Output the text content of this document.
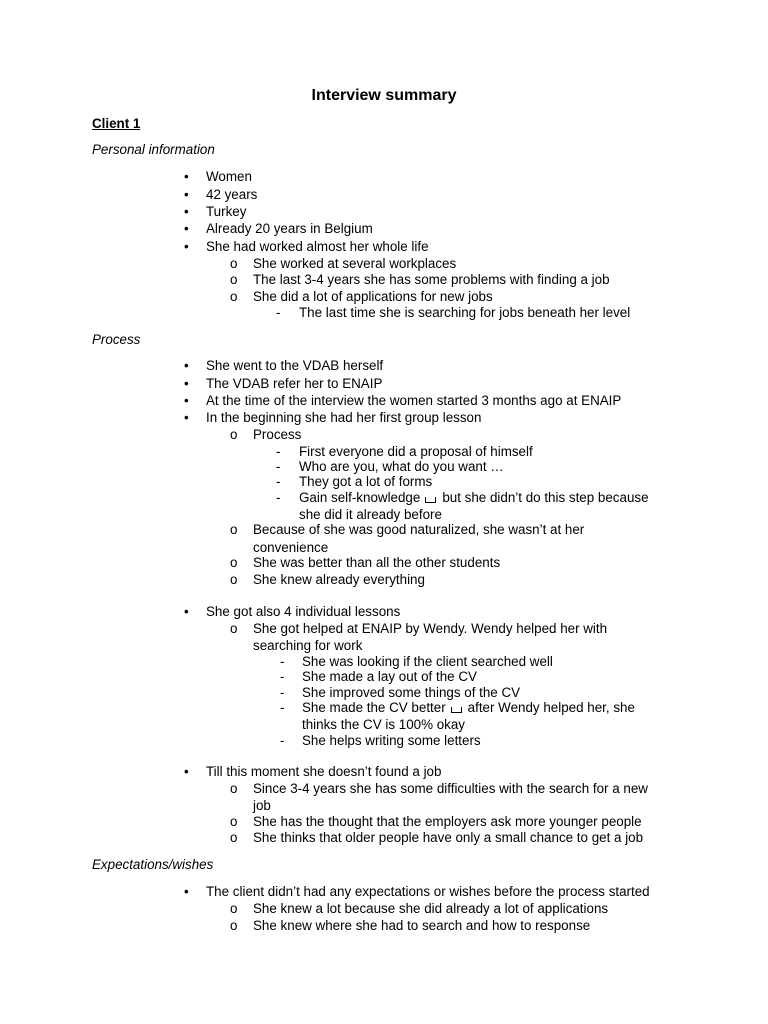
Interview summary
Client 1
Personal information
• Women
• 42 years
• Turkey
• Already 20 years in Belgium
• She had worked almost her whole life
o She worked at several workplaces
o The last 3-4 years she has some problems with finding a job
o She did a lot of applications for new jobs
- The last time she is searching for jobs beneath her level
Process
• She went to the VDAB herself
• The VDAB refer her to ENAIP
• At the time of the interview the women started 3 months ago at ENAIP
• In the beginning she had her first group lesson
o Process
- First everyone did a proposal of himself
- Who are you, what do you want …
- They got a lot of forms
- Gain self-knowledge but she didn’t do this step because
she did it already before
o Because of she was good naturalized, she wasn’t at her
convenience
o She was better than all the other students
o She knew already everything
• She got also 4 individual lessons
o She got helped at ENAIP by Wendy. Wendy helped her with
searching for work
- She was looking if the client searched well
- She made a lay out of the CV
- She improved some things of the CV
- She made the CV better after Wendy helped her, she
thinks the CV is 100% okay
- She helps writing some letters
• Till this moment she doesn’t found a job
o Since 3-4 years she has some difficulties with the search for a new
job
o She has the thought that the employers ask more younger people
o She thinks that older people have only a small chance to get a job
Expectations/wishes
• The client didn’t had any expectations or wishes before the process started
o She knew a lot because she did already a lot of applications
o She knew where she had to search and how to response
